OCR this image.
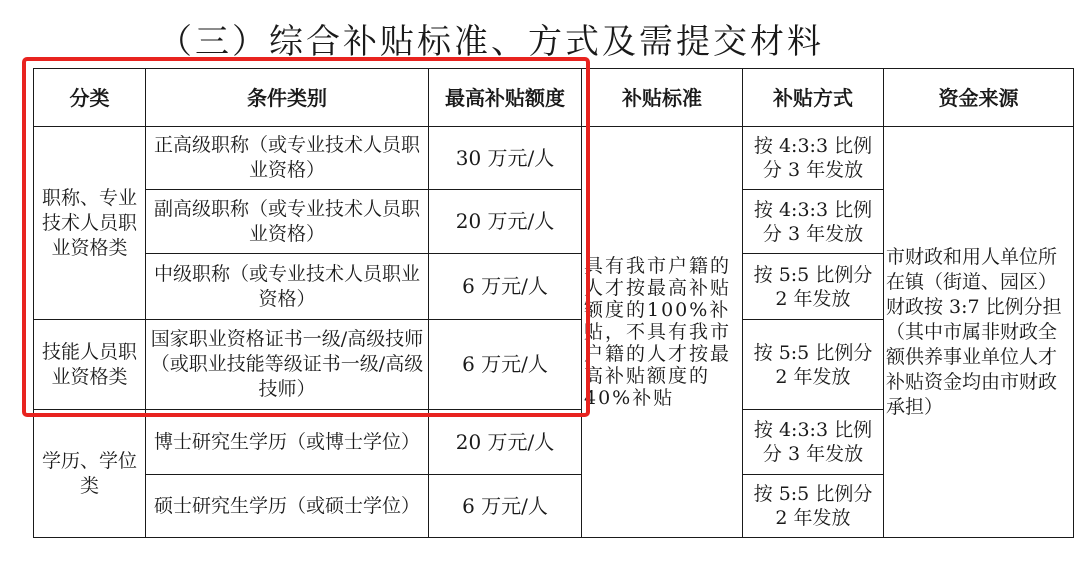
（三）综合补贴标准、方式及需提交材料
分类	条件类别	最高补贴额度	补贴标准	补贴方式	资金来源
职称、专业技术人员职业资格类	正高级职称（或专业技术人员职业资格）	30 万元/人	具有我市户籍的人才按最高补贴额度的100%补贴，不具有我市户籍的人才按最高补贴额度的40%补贴	按 4:3:3 比例分 3 年发放	市财政和用人单位所在镇（街道、园区）财政按 3:7 比例分担（其中市属非财政全额供养事业单位人才补贴资金均由市财政承担）
	副高级职称（或专业技术人员职业资格）	20 万元/人		按 4:3:3 比例分 3 年发放	
	中级职称（或专业技术人员职业资格）	6 万元/人		按 5:5 比例分 2 年发放	
技能人员职业资格类	国家职业资格证书一级/高级技师（或职业技能等级证书一级/高级技师）	6 万元/人		按 5:5 比例分 2 年发放	
学历、学位类	博士研究生学历（或博士学位）	20 万元/人		按 4:3:3 比例分 3 年发放	
	硕士研究生学历（或硕士学位）	6 万元/人		按 5:5 比例分 2 年发放	
